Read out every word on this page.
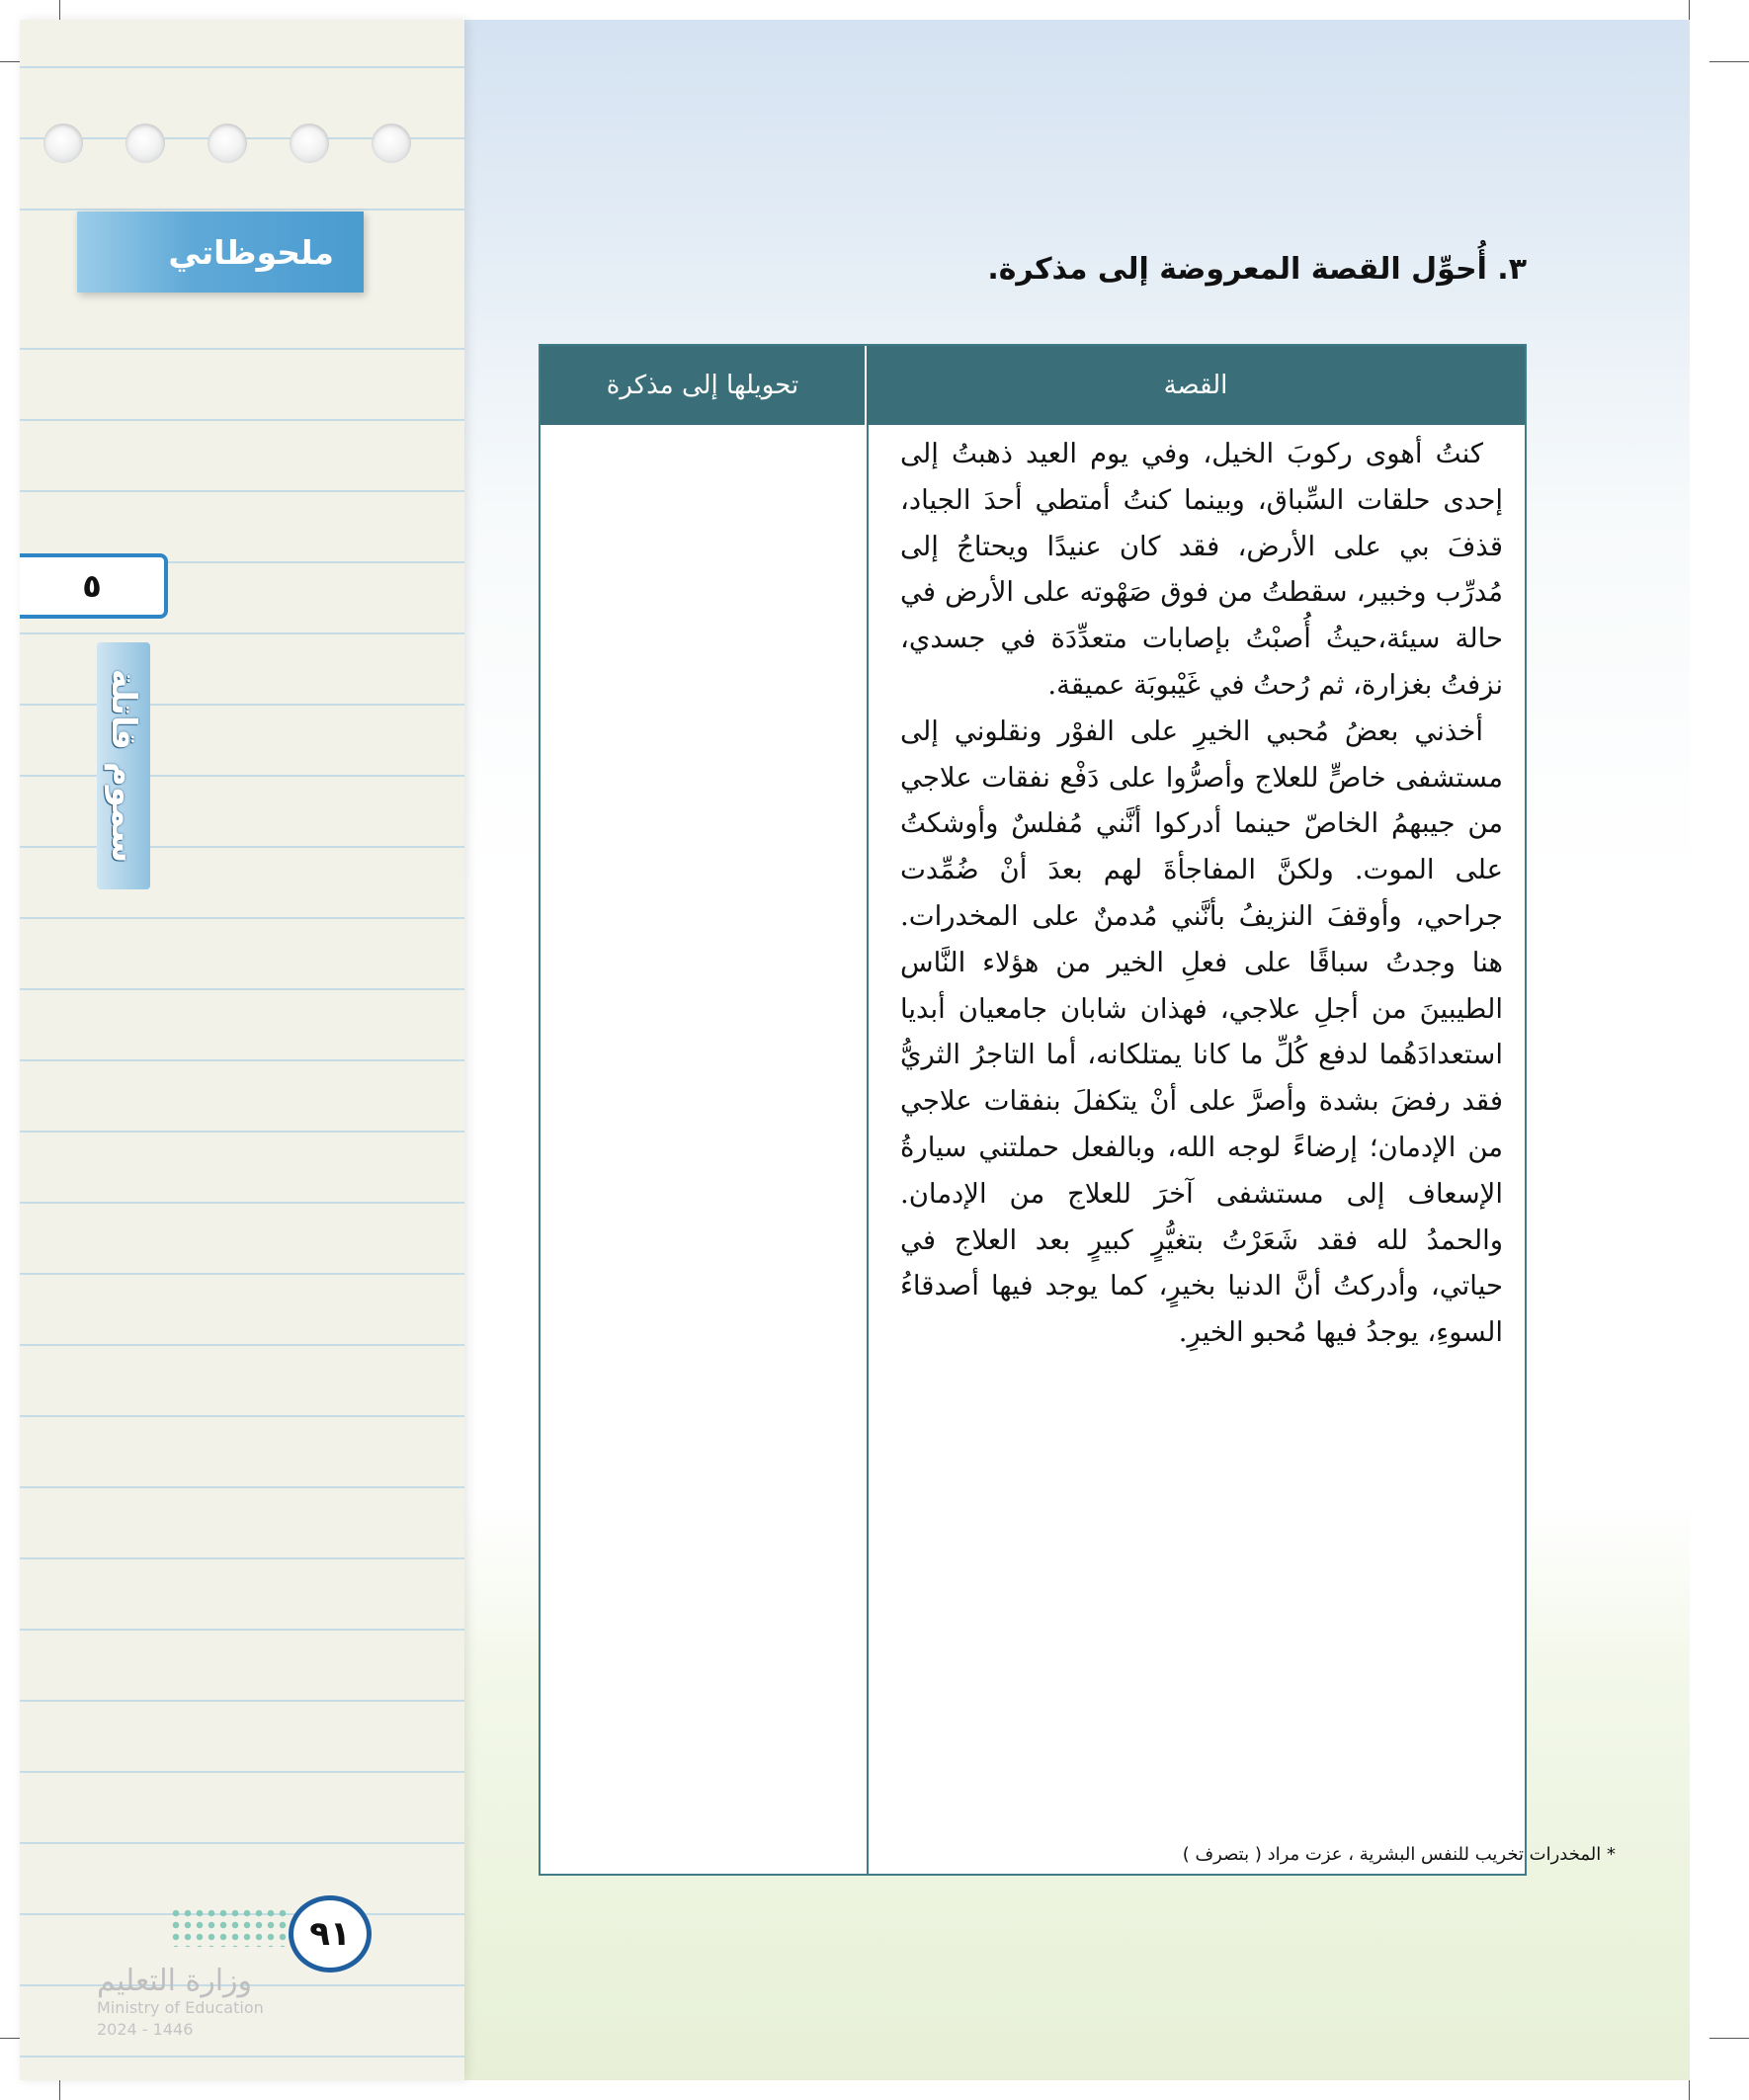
ملحوظاتي
٥
سموم قاتلة
٩١
وزارة التعليم
Ministry of Education
2024 - 1446
٣. أُحوِّل القصة المعروضة إلى مذكرة.
القصة
تحويلها إلى مذكرة

كنتُ أهوى ركوبَ الخيل، وفي يوم العيد ذهبتُ إلى إحدى حلقات السِّباق، وبينما كنتُ أمتطي أحدَ الجياد، قذفَ بي على الأرض، فقد كان عنيدًا ويحتاجُ إلى مُدرِّب وخبير، سقطتُ من فوق صَهْوته على الأرض في حالة سيئة،حيثُ أُصبْتُ بإصابات متعدِّدَة في جسدي، نزفتُ بغزارة، ثم رُحتُ في غَيْبوبَة عميقة.

أخذني بعضُ مُحبي الخيرِ على الفوْر ونقلوني إلى مستشفى خاصٍّ للعلاج وأصرُّوا على دَفْع نفقات علاجي من جيبهمُ الخاصّ حينما أدركوا أنَّني مُفلسٌ وأوشكتُ على الموت. ولكنَّ المفاجأةَ لهم بعدَ أنْ ضُمِّدت جراحي، وأوقفَ النزيفُ بأنَّني مُدمنٌ على المخدرات. هنا وجدتُ سباقًا على فعلِ الخير من هؤلاء النَّاس الطيبينَ من أجلِ علاجي، فهذان شابان جامعيان أبديا استعدادَهُما لدفع كُلِّ ما كانا يمتلكانه، أما التاجرُ الثريُّ فقد رفضَ بشدة وأصرَّ على أنْ يتكفلَ بنفقات علاجي من الإدمان؛ إرضاءً لوجه الله، وبالفعل حملتني سيارةُ الإسعاف إلى مستشفى آخرَ للعلاج من الإدمان. والحمدُ لله فقد شَعَرْتُ بتغيُّرٍ كبيرٍ بعد العلاج في حياتي، وأدركتُ أنَّ الدنيا بخيرٍ، كما يوجد فيها أصدقاءُ السوءِ، يوجدُ فيها مُحبو الخيرِ.

* المخدرات تخريب للنفس البشرية ، عزت مراد ( بتصرف )
